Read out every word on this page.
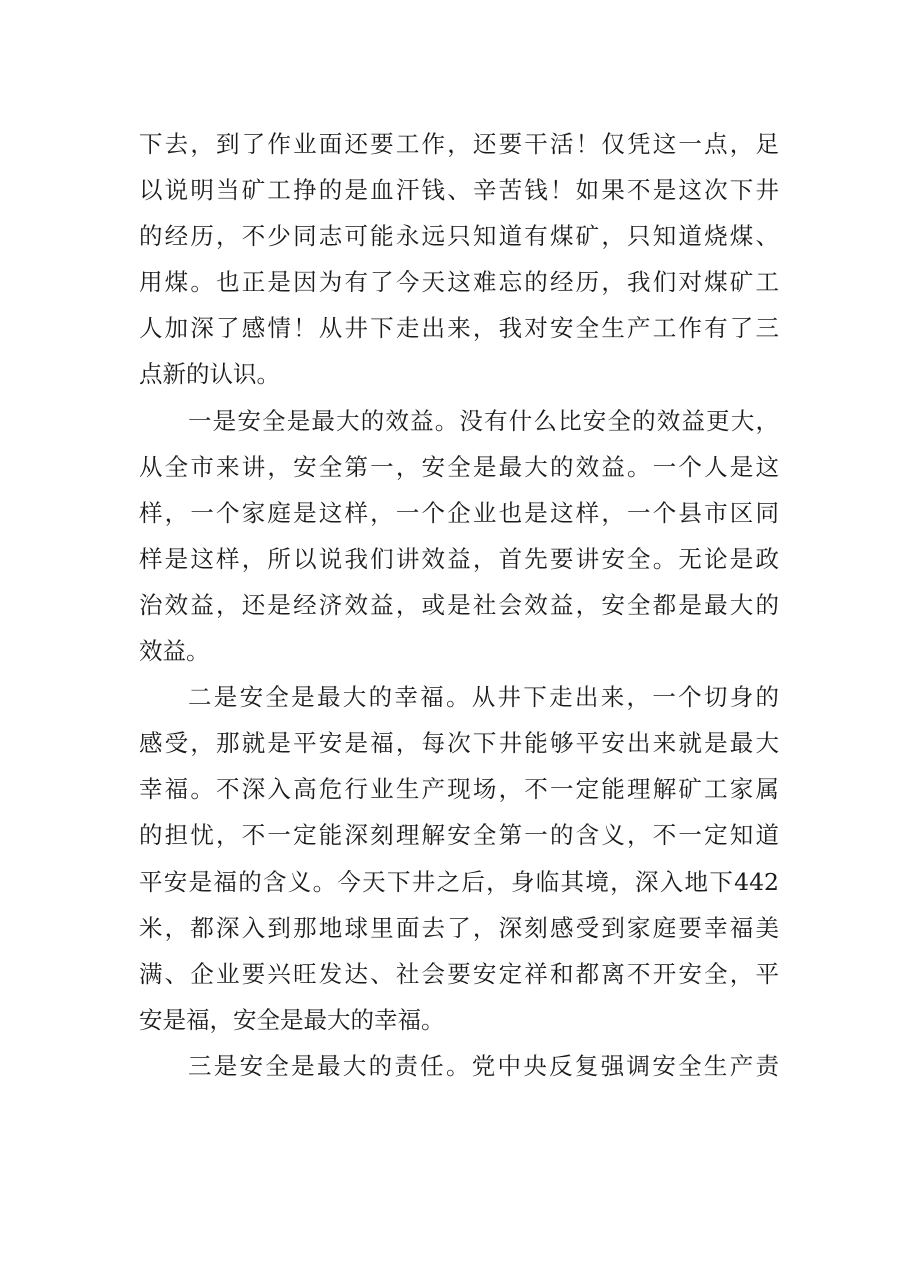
下去，到了作业面还要工作，还要干活！仅凭这一点，足
以说明当矿工挣的是血汗钱、辛苦钱！如果不是这次下井
的经历，不少同志可能永远只知道有煤矿，只知道烧煤、
用煤。也正是因为有了今天这难忘的经历，我们对煤矿工
人加深了感情！从井下走出来，我对安全生产工作有了三
点新的认识。
一是安全是最大的效益。没有什么比安全的效益更大，
从全市来讲，安全第一，安全是最大的效益。一个人是这
样，一个家庭是这样，一个企业也是这样，一个县市区同
样是这样，所以说我们讲效益，首先要讲安全。无论是政
治效益，还是经济效益，或是社会效益，安全都是最大的
效益。
二是安全是最大的幸福。从井下走出来，一个切身的
感受，那就是平安是福，每次下井能够平安出来就是最大
幸福。不深入高危行业生产现场，不一定能理解矿工家属
的担忧，不一定能深刻理解安全第一的含义，不一定知道
平安是福的含义。今天下井之后，身临其境，深入地下442
米，都深入到那地球里面去了，深刻感受到家庭要幸福美
满、企业要兴旺发达、社会要安定祥和都离不开安全，平
安是福，安全是最大的幸福。
三是安全是最大的责任。党中央反复强调安全生产责
